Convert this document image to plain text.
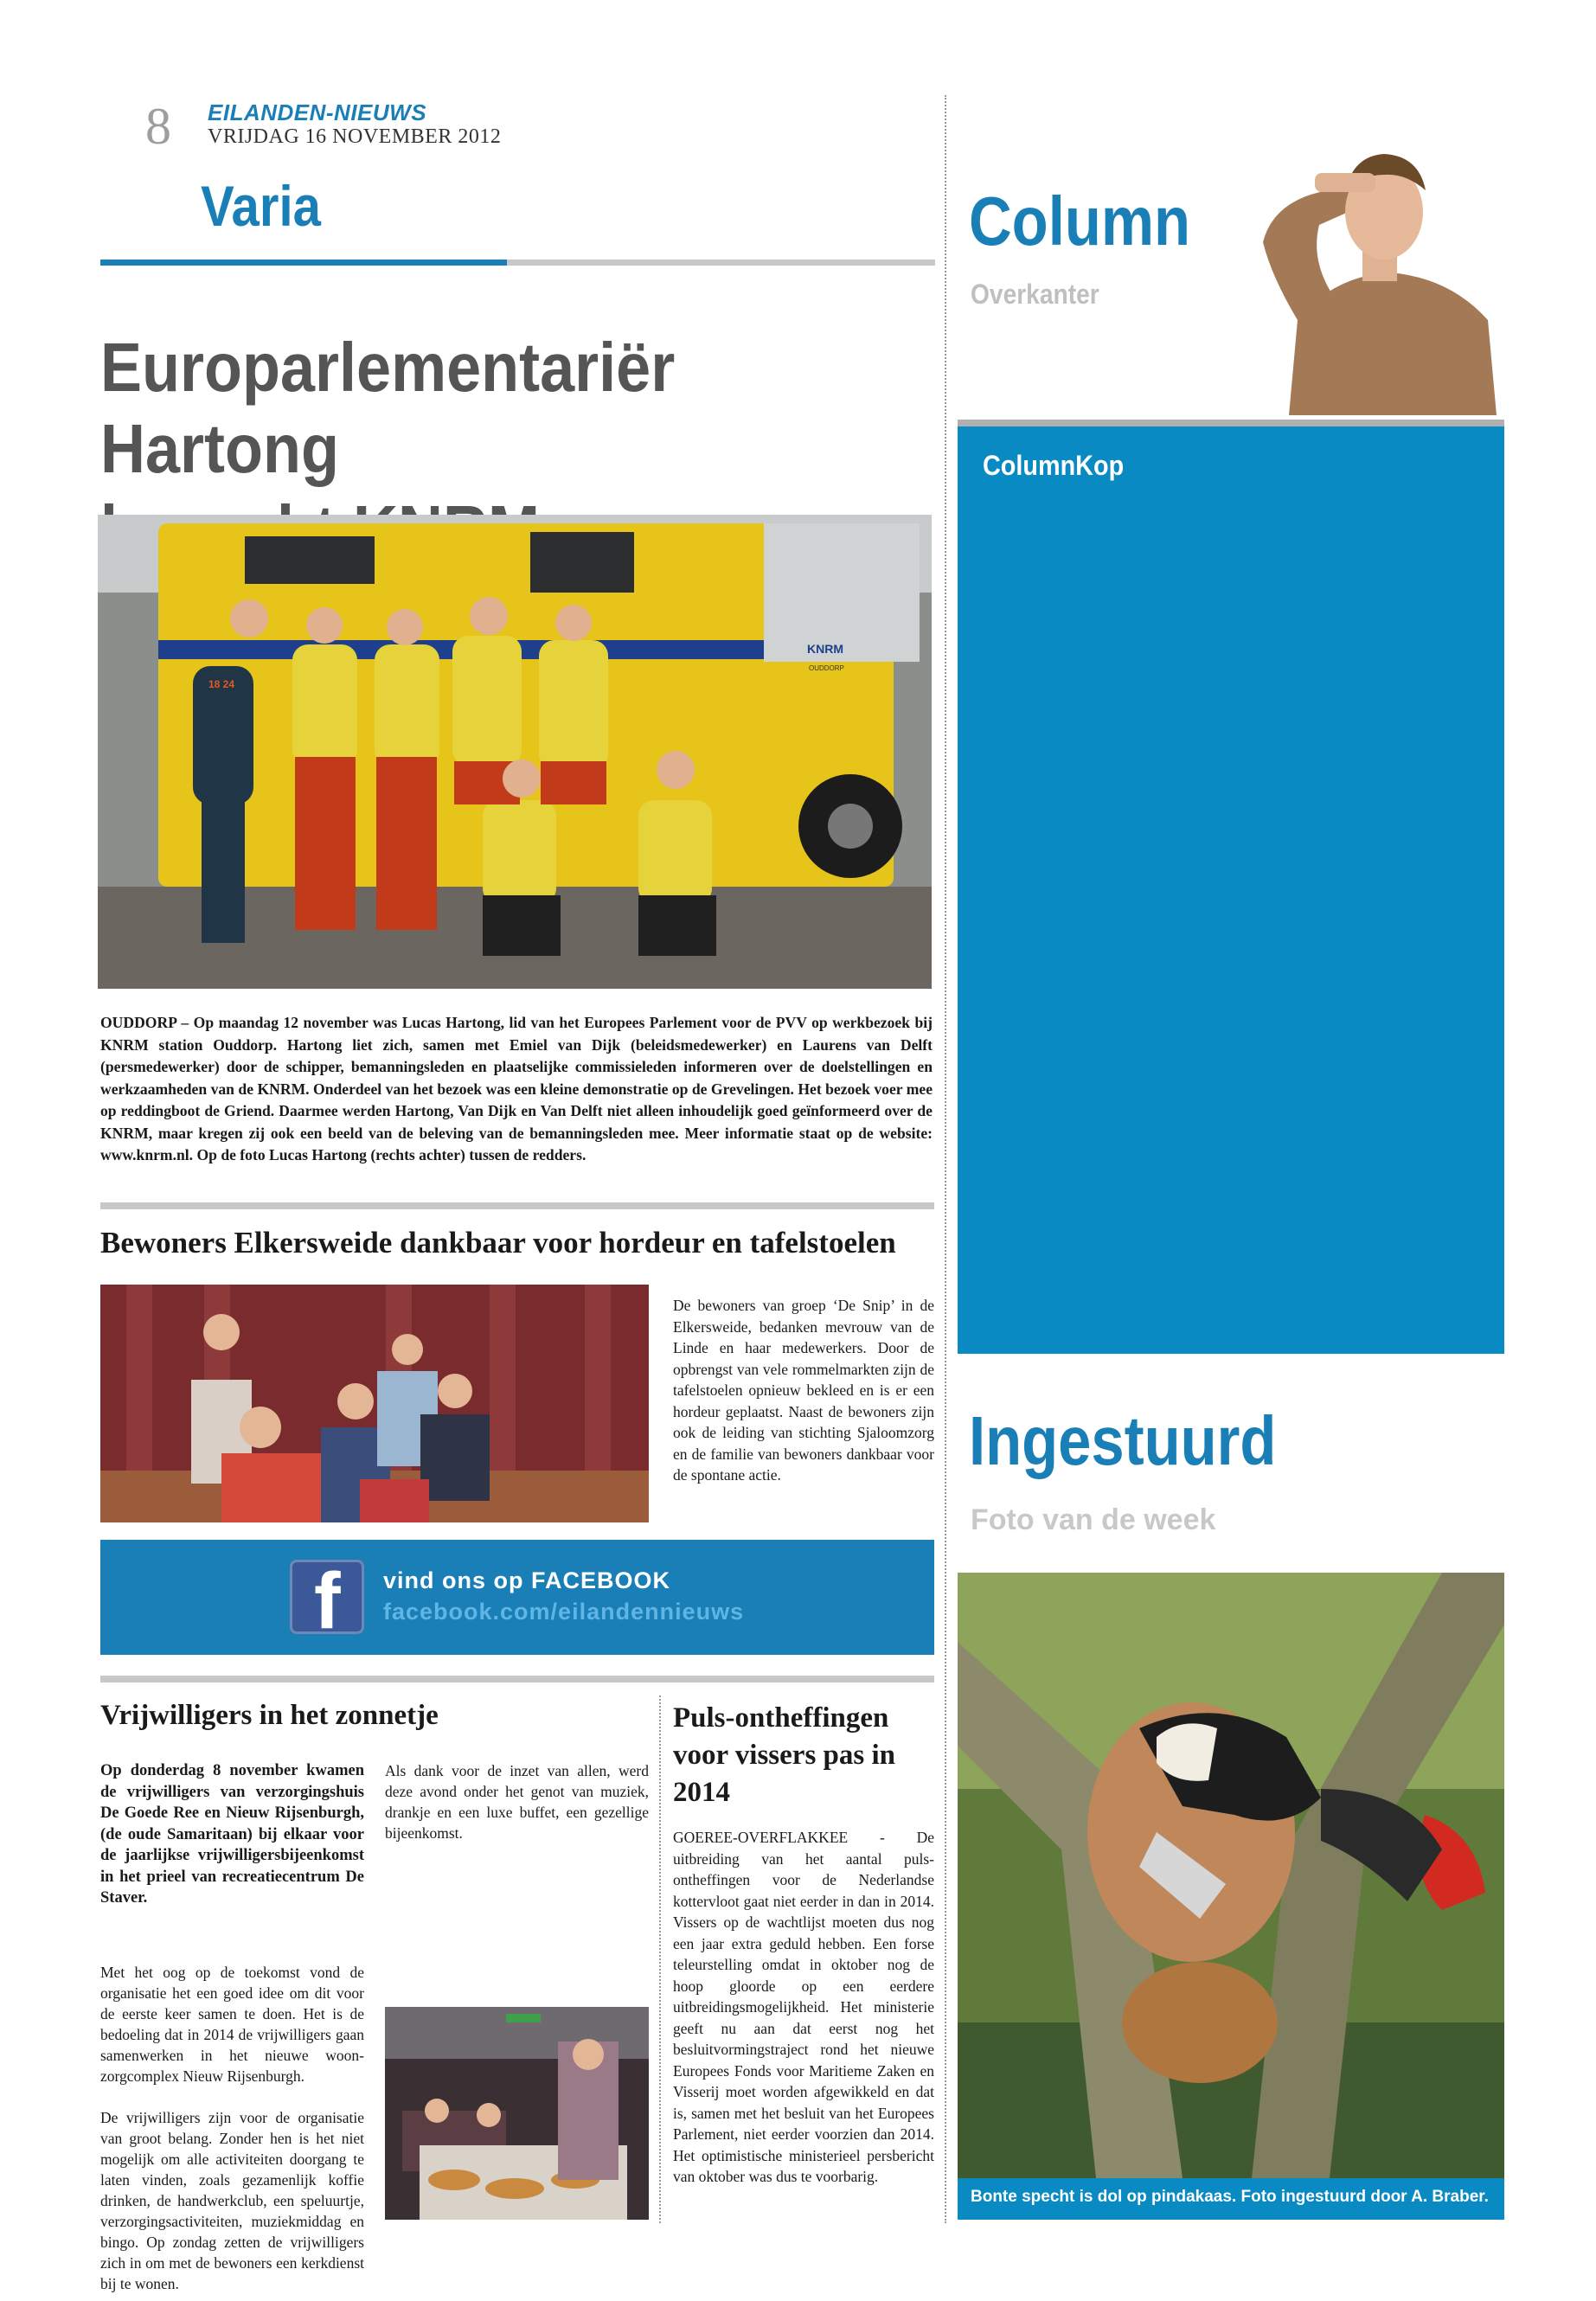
8 EILANDEN-NIEUWS
VRIJDAG 16 NOVEMBER 2012
Varia
Europarlementariër Hartong
KNRM
OUDDORP
18 24
OUDDORP – Op maandag 12 november was Lucas Hartong, lid van het Europees Parlement voor de PVV op werkbezoek bij KNRM station Ouddorp. Hartong liet zich, samen met Emiel van Dijk (beleidsmedewerker) en Laurens van Delft (persmedewerker) door de schipper, bemanningsleden en plaatselijke commissieleden informeren over de doelstellingen en werkzaamheden van de KNRM. Onderdeel van het bezoek was een kleine demonstratie op de Grevelingen. Het bezoek voer mee op reddingboot de Griend. Daarmee werden Hartong, Van Dijk en Van Delft niet alleen inhoudelijk goed geïnformeerd over de KNRM, maar kregen zij ook een beeld van de beleving van de bemanningsleden mee. Meer informatie staat op de website: www.knrm.nl. Op de foto Lucas Hartong (rechts achter) tussen de redders.
Bewoners Elkersweide dankbaar voor hordeur en tafelstoelen
De bewoners van groep ‘De Snip’ in de Elkersweide, bedanken mevrouw van de Linde en haar medewerkers. Door de opbrengst van vele rommelmarkten zijn de tafelstoelen opnieuw bekleed en is er een hordeur geplaatst. Naast de bewoners zijn ook de leiding van stichting Sjaloomzorg en de familie van bewoners dankbaar voor de spontane actie.
f vind ons op FACEBOOK
facebook.com/eilandennieuws
Vrijwilligers in het zonnetje
Op donderdag 8 november kwamen de vrijwilligers van verzorgingshuis De Goede Ree en Nieuw Rijsenburgh, (de oude Samaritaan) bij elkaar voor de jaarlijkse vrijwilligersbijeenkomst in het prieel van recreatiecentrum De Staver.

Met het oog op de toekomst vond de organisatie het een goed idee om dit voor de eerste keer samen te doen. Het is de bedoeling dat in 2014 de vrijwilligers gaan samenwerken in het nieuwe woon-zorgcomplex Nieuw Rijsenburgh.

De vrijwilligers zijn voor de organisatie van groot belang. Zonder hen is het niet mogelijk om alle activiteiten doorgang te laten vinden, zoals gezamenlijk koffie drinken, de handwerkclub, een speluurtje, verzorgingsactiviteiten, muziekmiddag en bingo. Op zondag zetten de vrijwilligers zich in om met de bewoners een kerkdienst bij te wonen.

Als dank voor de inzet van allen, werd deze avond onder het genot van muziek, drankje en een luxe buffet, een gezellige bijeenkomst.

Puls-ontheffingen voor vissers pas in 2014
GOEREE-OVERFLAKKEE - De uitbreiding van het aantal puls-ontheffingen voor de Nederlandse kottervloot gaat niet eerder in dan in 2014. Vissers op de wachtlijst moeten dus nog een jaar extra geduld hebben. Een forse teleurstelling omdat in oktober nog de hoop gloorde op een eerdere uitbreidingsmogelijkheid. Het ministerie geeft nu aan dat eerst nog het besluitvormingstraject rond het nieuwe Europees Fonds voor Maritieme Zaken en Visserij moet worden afgewikkeld en dat is, samen met het besluit van het Europees Parlement, niet eerder voorzien dan 2014. Het optimistische ministerieel persbericht van oktober was dus te voorbarig.
Column
Overkanter
ColumnKop
Ingestuurd
Foto van de week
Bonte specht is dol op pindakaas. Foto ingestuurd door A. Braber.
